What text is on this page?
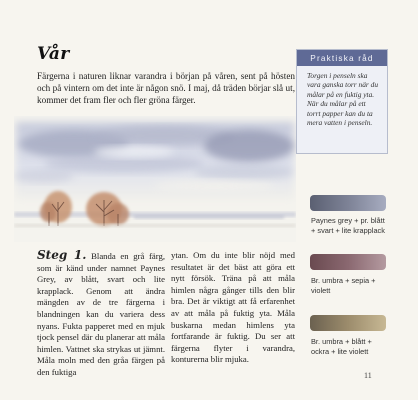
Vår
Färgerna i naturen liknar varandra i början på våren, sent på hösten och på vintern om det inte är någon snö. I maj, då träden börjar slå ut, kommer det fram fler och fler gröna färger.
Praktiska råd
Torgen i penseln ska vara ganska torr när du målar på en fuktig yta. När du målar på ett torrt papper kan du ta mera vatten i penseln.
Paynes grey + pr. blått + svart + lite krapplack
Br. umbra + sepia + violett
Br. umbra + blått + ockra + lite violett
Steg 1. Blanda en grå färg, som är känd under namnet Paynes Grey, av blått, svart och lite krapplack. Genom att ändra mängden av de tre färgerna i blandningen kan du variera dess nyans. Fukta papperet med en mjuk tjock pensel där du planerar att måla himlen. Vattnet ska strykas ut jämnt. Måla moln med den gråa färgen på den fuktiga
ytan. Om du inte blir nöjd med resultatet är det bäst att göra ett nytt försök. Träna på att måla himlen några gånger tills den blir bra. Det är viktigt att få erfarenhet av att måla på fuktig yta. Måla buskarna medan himlens yta fortfarande är fuktig. Du ser att färgerna flyter i varandra, konturerna blir mjuka.
11
